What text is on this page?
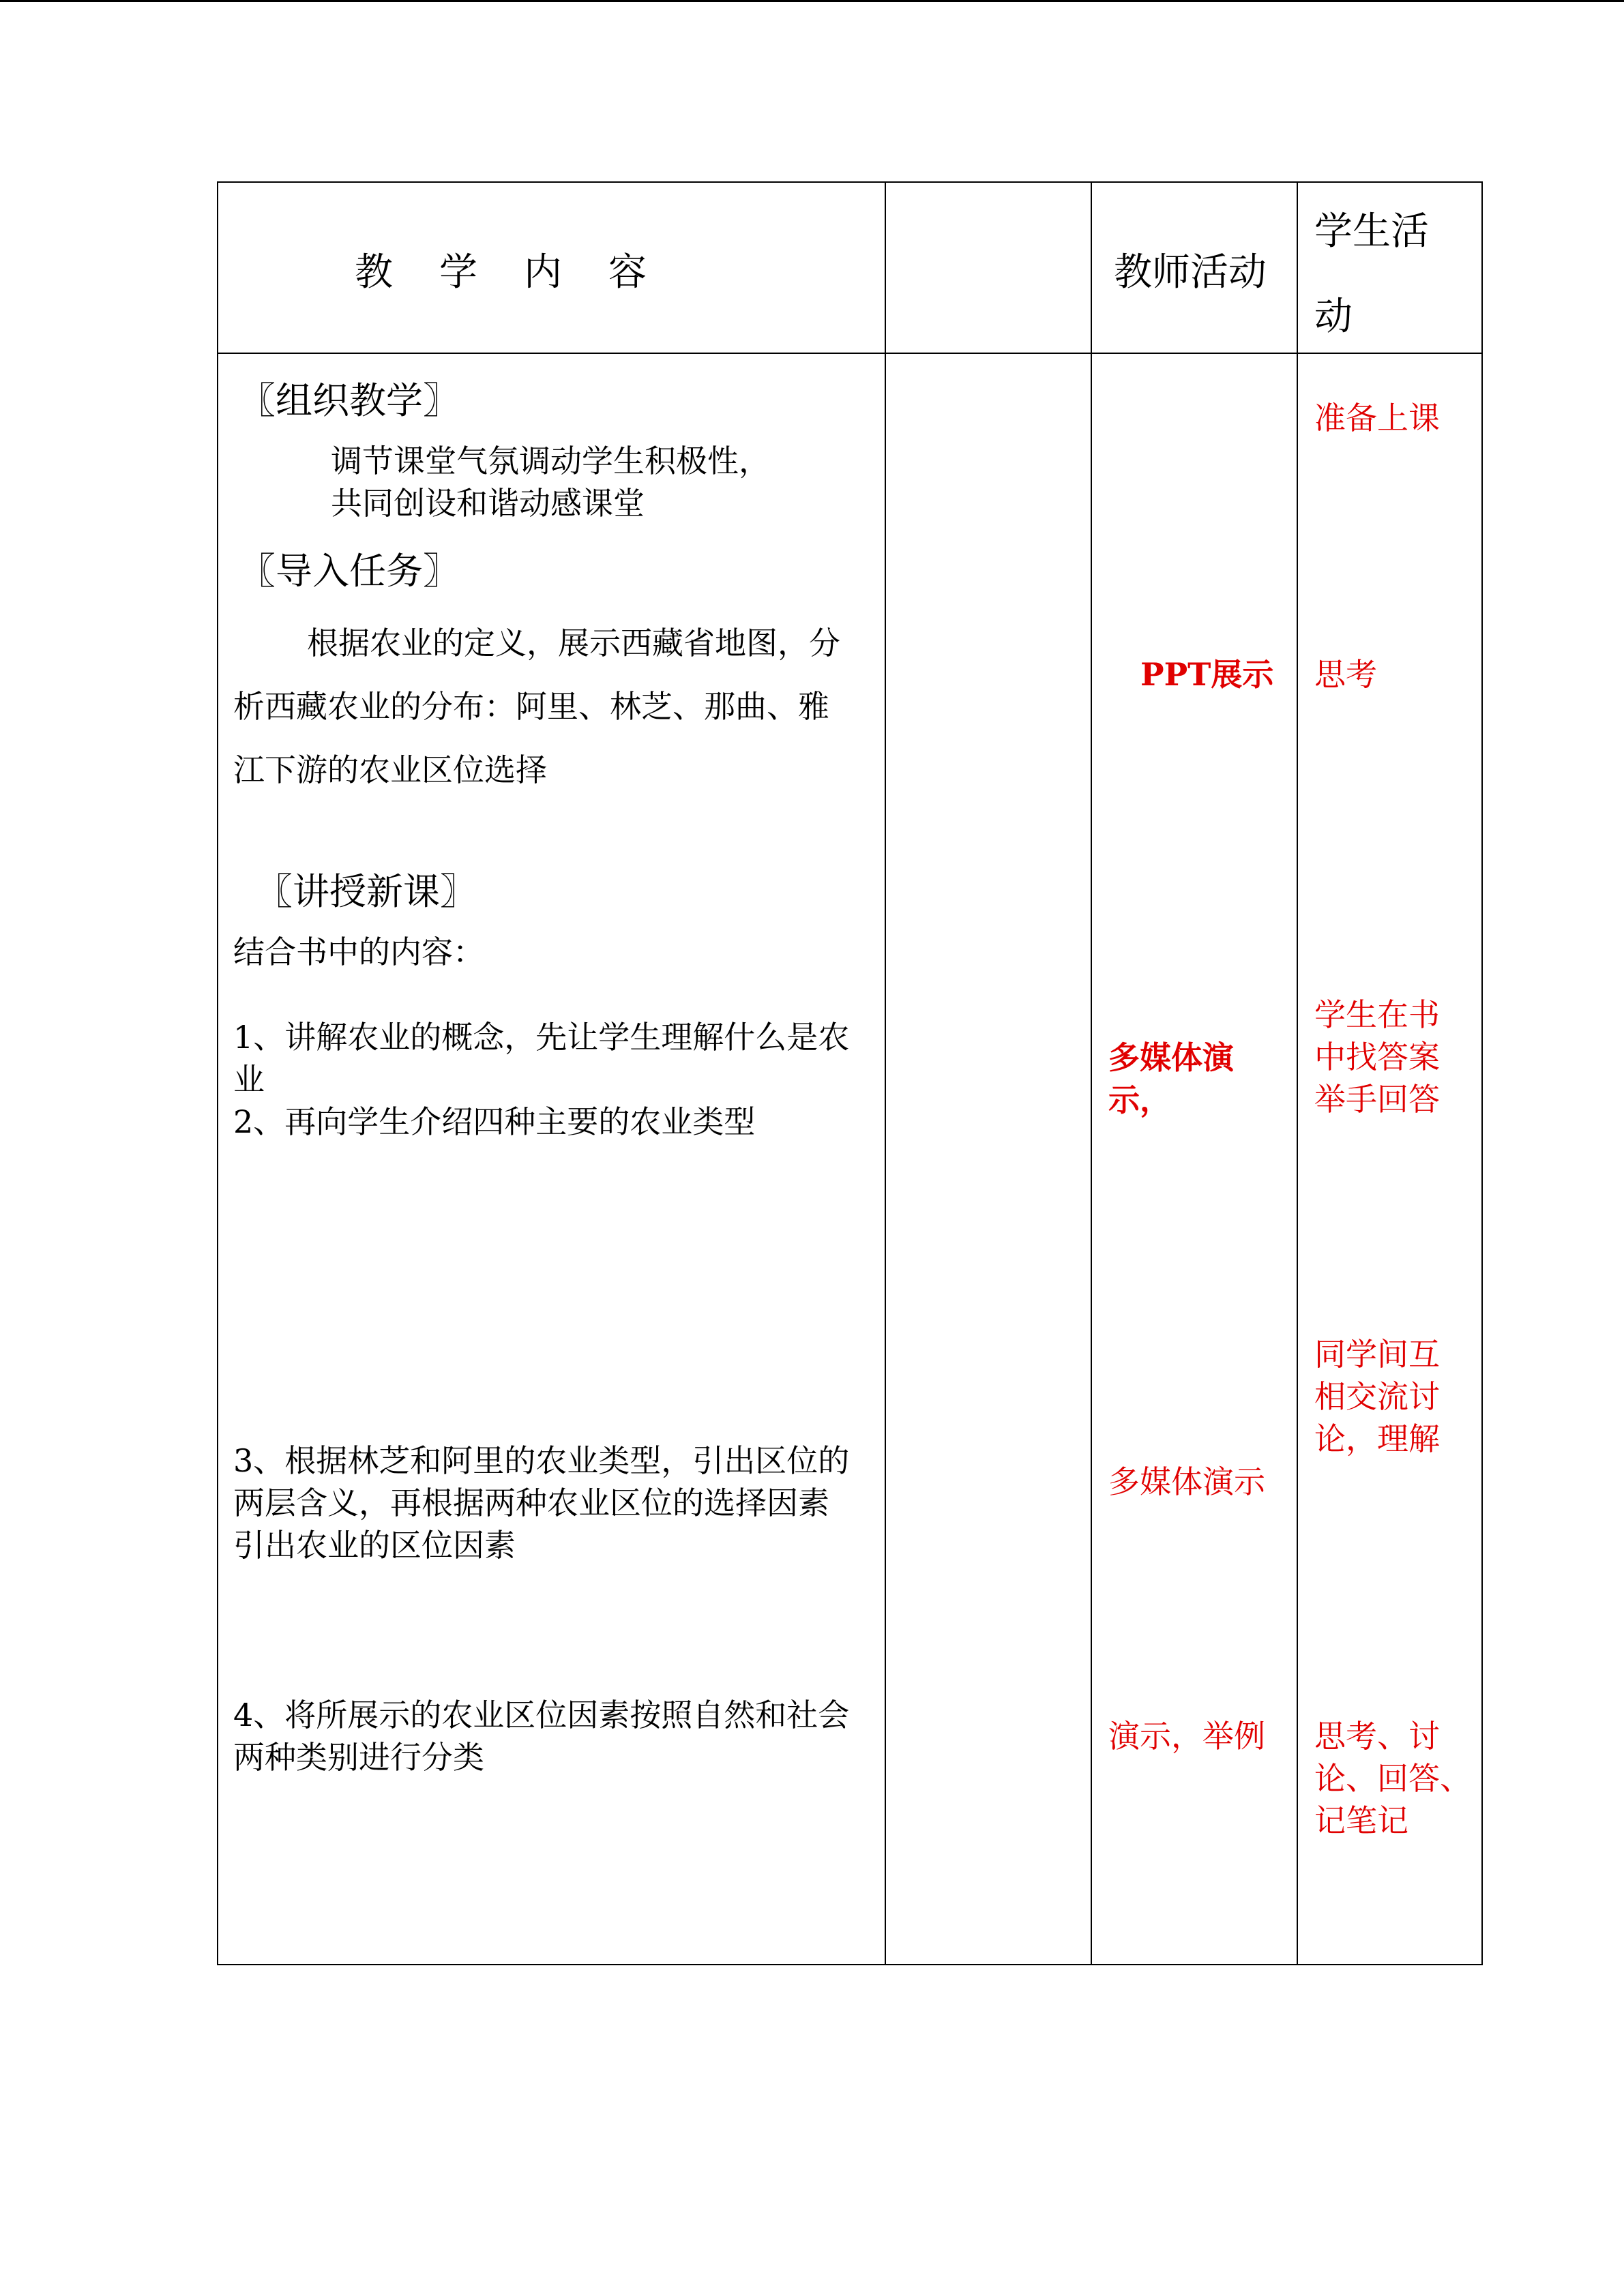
教　学　内　容	教师活动
学生活
动
〖组织教学〗
调节课堂气氛调动学生积极性，
共同创设和谐动感课堂
准备上课
〖导入任务〗
根据农业的定义，展示西藏省地图，分
析西藏农业的分布：阿里、林芝、那曲、雅
江下游的农业区位选择
PPT展示 思考
〖讲授新课〗
结合书中的内容：
1、讲解农业的概念，先让学生理解什么是农
业
2、再向学生介绍四种主要的农业类型
多媒体演
示，
学生在书
中找答案
举手回答
同学间互
相交流讨
论，理解
3、根据林芝和阿里的农业类型，引出区位的
两层含义，再根据两种农业区位的选择因素
引出农业的区位因素
多媒体演示
4、将所展示的农业区位因素按照自然和社会
两种类别进行分类
演示，举例 思考、讨
论、回答、
记笔记
